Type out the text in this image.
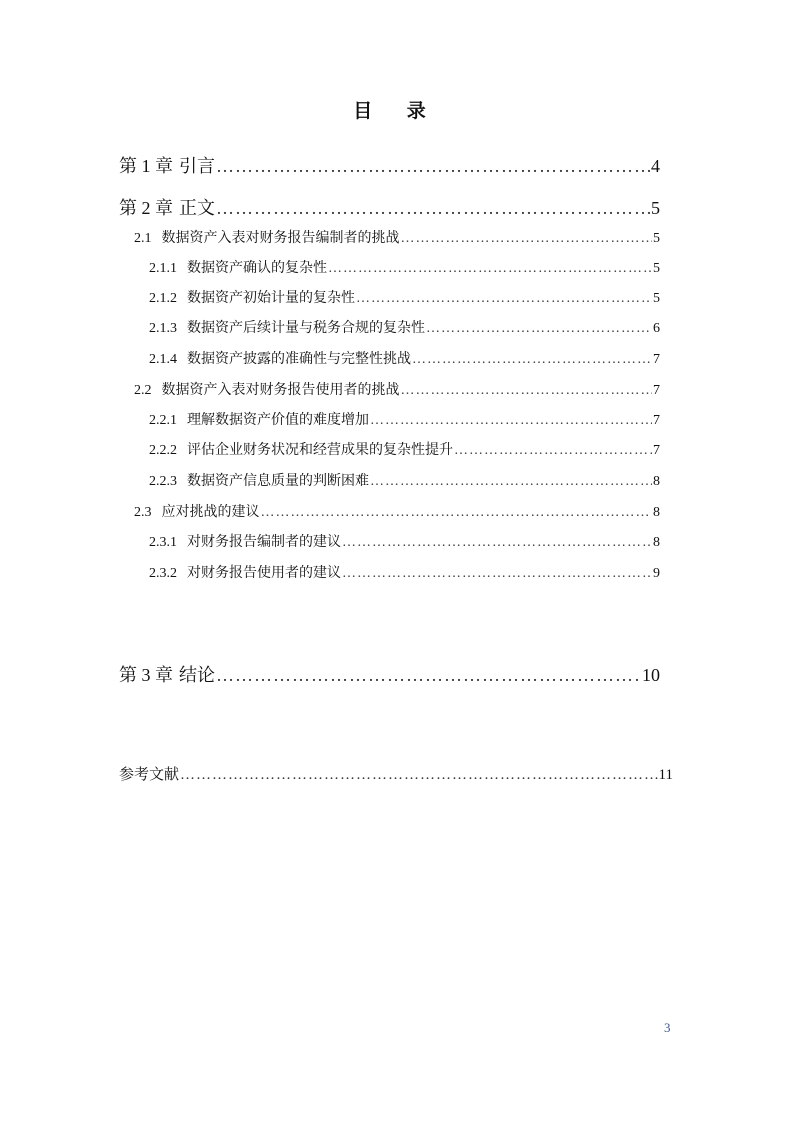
目 录
第 1 章 引言 ……………………………………………………………………………………………………………………………………………………………………………………	4
第 2 章 正文 ……………………………………………………………………………………………………………………………………………………………………………………	5
2.1 数据资产入表对财务报告编制者的挑战 ……………………………………………………………………………………………………………………………………………………………………………………	5
2.1.1 数据资产确认的复杂性 ……………………………………………………………………………………………………………………………………………………………………………………	5
2.1.2 数据资产初始计量的复杂性 ……………………………………………………………………………………………………………………………………………………………………………………	5
2.1.3 数据资产后续计量与税务合规的复杂性 ……………………………………………………………………………………………………………………………………………………………………………………	6
2.1.4 数据资产披露的准确性与完整性挑战 ……………………………………………………………………………………………………………………………………………………………………………………	7
2.2 数据资产入表对财务报告使用者的挑战 ……………………………………………………………………………………………………………………………………………………………………………………	7
2.2.1 理解数据资产价值的难度增加 ……………………………………………………………………………………………………………………………………………………………………………………	7
2.2.2 评估企业财务状况和经营成果的复杂性提升 ……………………………………………………………………………………………………………………………………………………………………………………	7
2.2.3 数据资产信息质量的判断困难 ……………………………………………………………………………………………………………………………………………………………………………………	8
2.3 应对挑战的建议 ……………………………………………………………………………………………………………………………………………………………………………………	8
2.3.1 对财务报告编制者的建议 ……………………………………………………………………………………………………………………………………………………………………………………	8
2.3.2 对财务报告使用者的建议 ……………………………………………………………………………………………………………………………………………………………………………………	9
第 3 章 结论 ……………………………………………………………………………………………………………………………………………………………………………………	10
参考文献 ……………………………………………………………………………………………………………………………………………………………………………………	11
3
